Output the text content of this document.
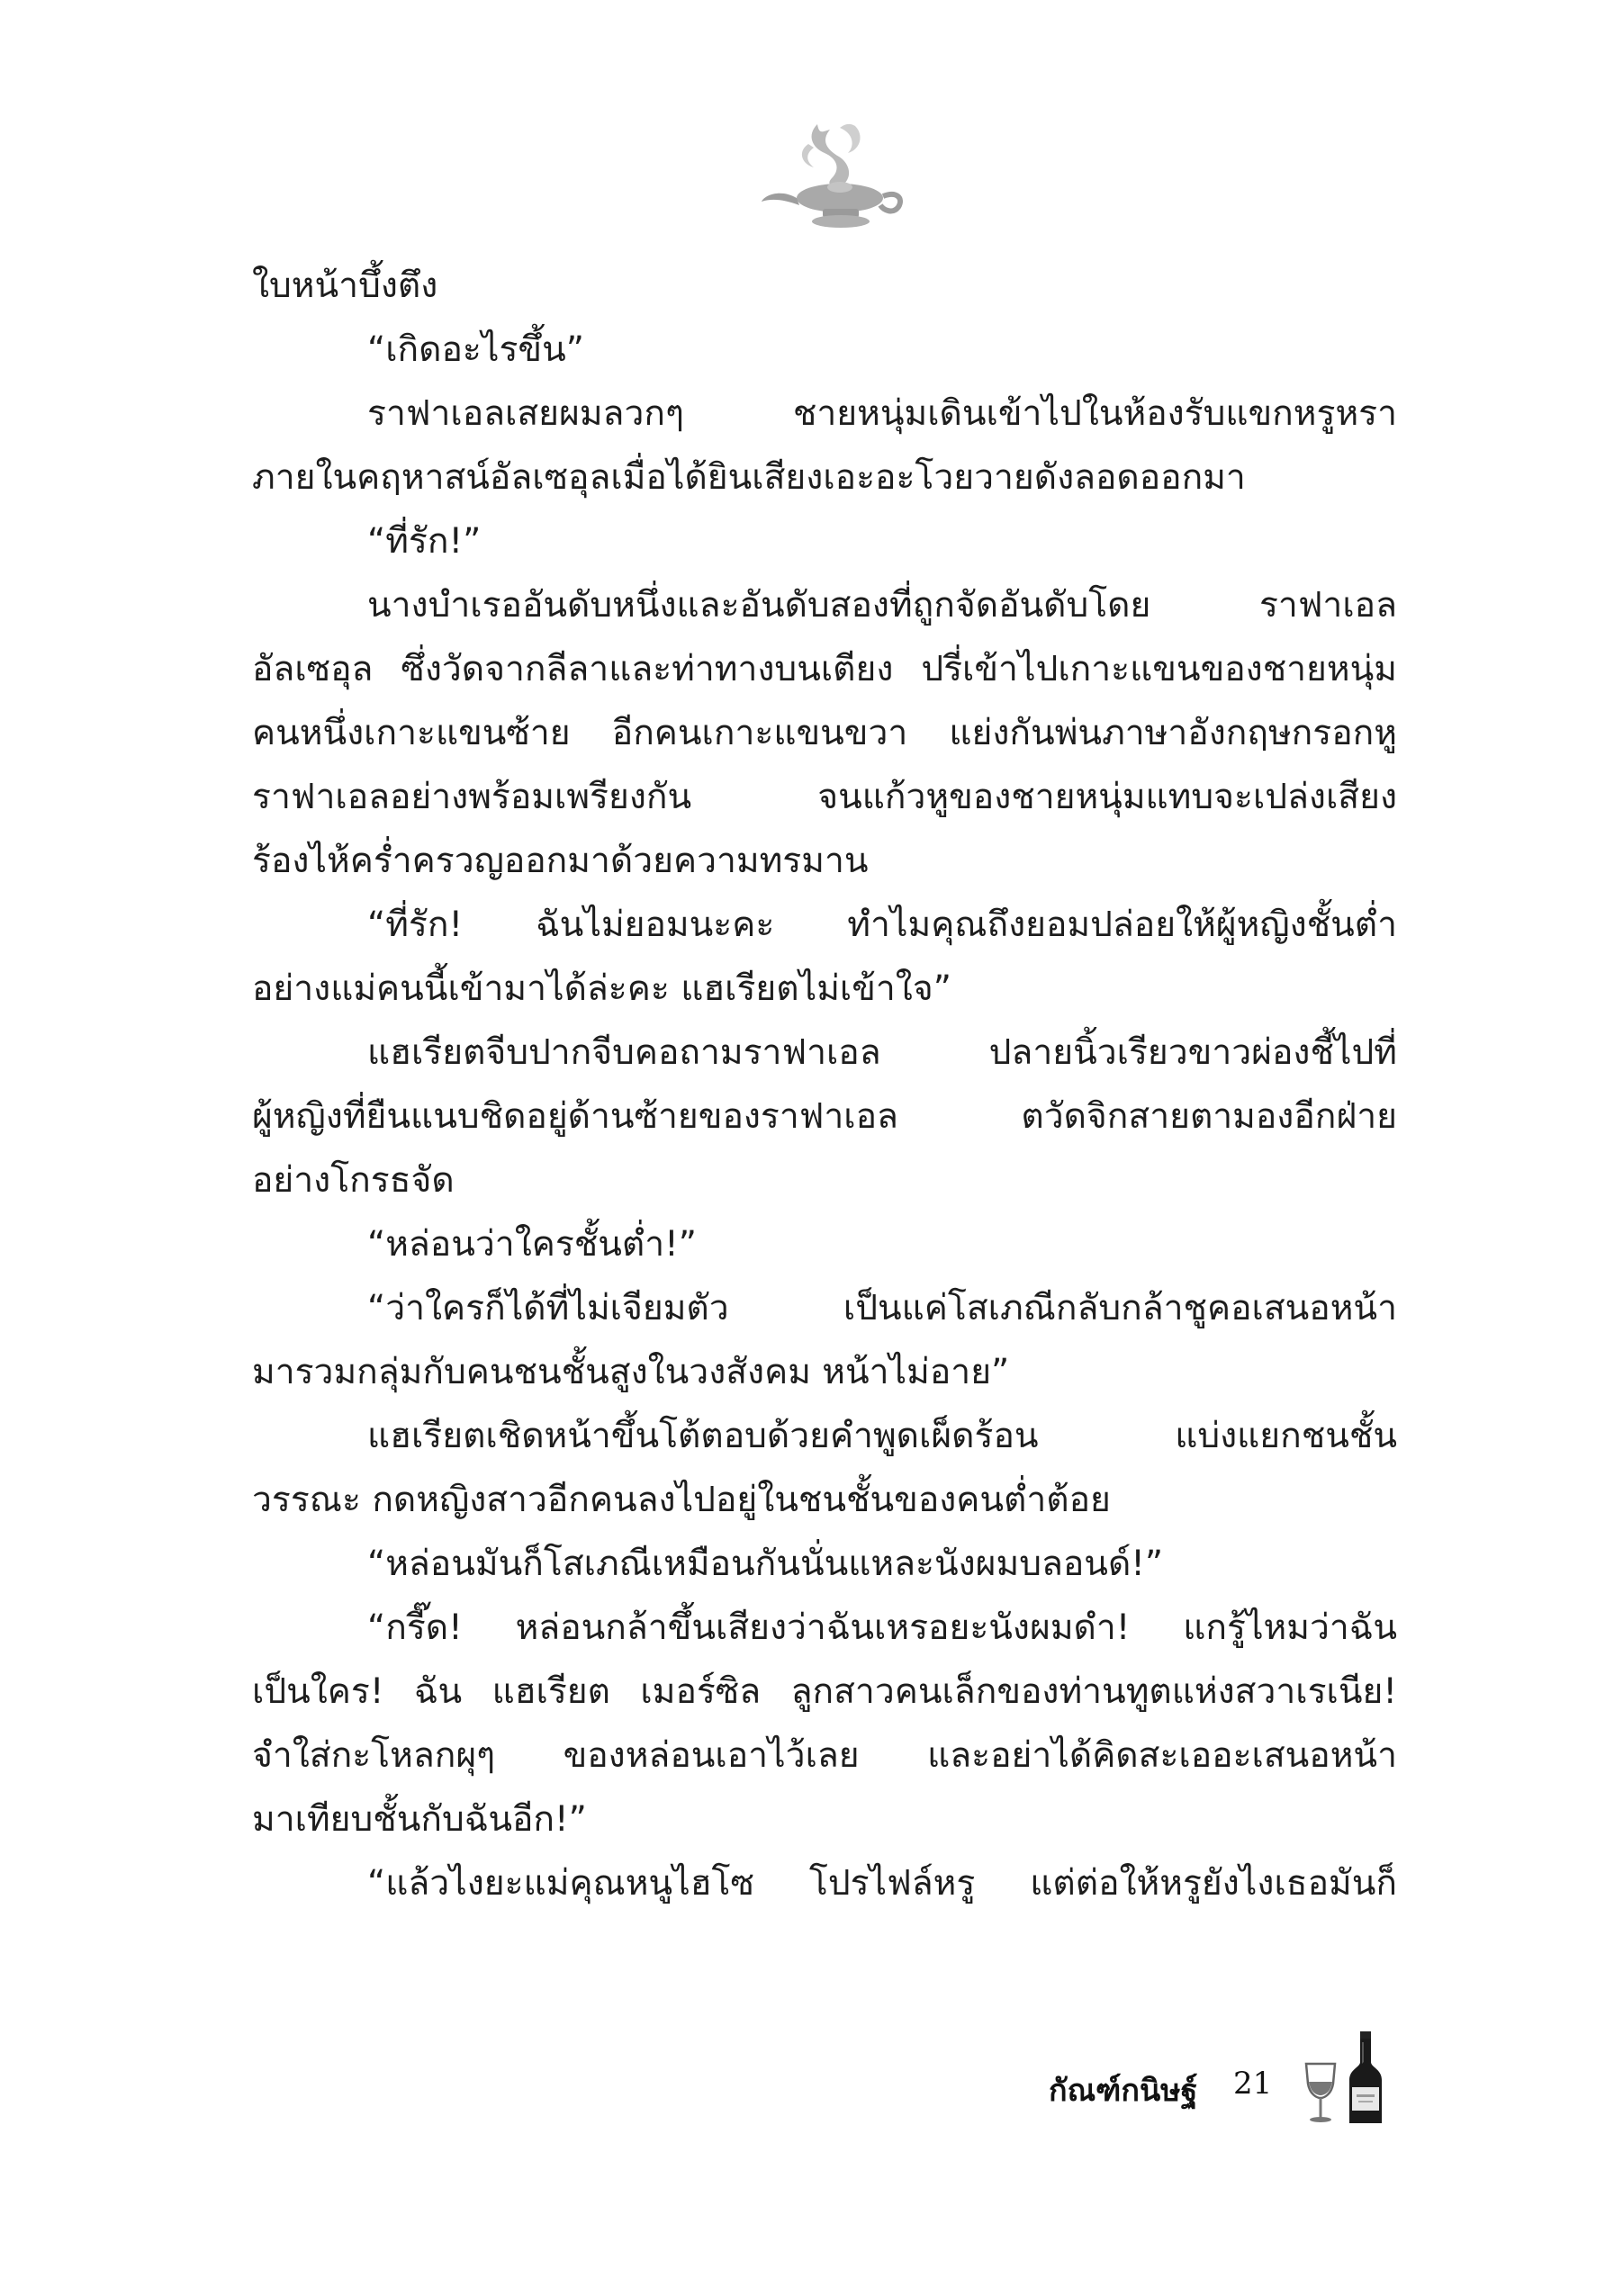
ใบหน้าบึ้งตึง
“เกิดอะไรขึ้น”
ราฟาเอลเสยผมลวกๆ ชายหนุ่มเดินเข้าไปในห้องรับแขกหรูหรา
ภายในคฤหาสน์อัลเซอุลเมื่อได้ยินเสียงเอะอะโวยวายดังลอดออกมา
“ที่รัก!”
นางบำเรออันดับหนึ่งและอันดับสองที่ถูกจัดอันดับโดย ราฟาเอล
อัลเซอุล ซึ่งวัดจากลีลาและท่าทางบนเตียง ปรี่เข้าไปเกาะแขนของชายหนุ่ม
คนหนึ่งเกาะแขนซ้าย อีกคนเกาะแขนขวา แย่งกันพ่นภาษาอังกฤษกรอกหู
ราฟาเอลอย่างพร้อมเพรียงกัน จนแก้วหูของชายหนุ่มแทบจะเปล่งเสียง
ร้องไห้คร่ำครวญออกมาด้วยความทรมาน
“ที่รัก! ฉันไม่ยอมนะคะ ทำไมคุณถึงยอมปล่อยให้ผู้หญิงชั้นต่ำ
อย่างแม่คนนี้เข้ามาได้ล่ะคะ แฮเรียตไม่เข้าใจ”
แฮเรียตจีบปากจีบคอถามราฟาเอล ปลายนิ้วเรียวขาวผ่องชี้ไปที่
ผู้หญิงที่ยืนแนบชิดอยู่ด้านซ้ายของราฟาเอล ตวัดจิกสายตามองอีกฝ่าย
อย่างโกรธจัด
“หล่อนว่าใครชั้นต่ำ!”
“ว่าใครก็ได้ที่ไม่เจียมตัว เป็นแค่โสเภณีกลับกล้าชูคอเสนอหน้า
มารวมกลุ่มกับคนชนชั้นสูงในวงสังคม หน้าไม่อาย”
แฮเรียตเชิดหน้าขึ้นโต้ตอบด้วยคำพูดเผ็ดร้อน แบ่งแยกชนชั้น
วรรณะ กดหญิงสาวอีกคนลงไปอยู่ในชนชั้นของคนต่ำต้อย
“หล่อนมันก็โสเภณีเหมือนกันนั่นแหละนังผมบลอนด์!”
“กรี๊ด! หล่อนกล้าขึ้นเสียงว่าฉันเหรอยะนังผมดำ! แกรู้ไหมว่าฉัน
เป็นใคร! ฉัน แฮเรียต เมอร์ซิล ลูกสาวคนเล็กของท่านทูตแห่งสวาเรเนีย!
จำใส่กะโหลกผุๆ ของหล่อนเอาไว้เลย และอย่าได้คิดสะเออะเสนอหน้า
มาเทียบชั้นกับฉันอีก!”
“แล้วไงยะแม่คุณหนูไฮโซ โปรไฟล์หรู แต่ต่อให้หรูยังไงเธอมันก็
กัณฑ์กนิษฐ์ 21
